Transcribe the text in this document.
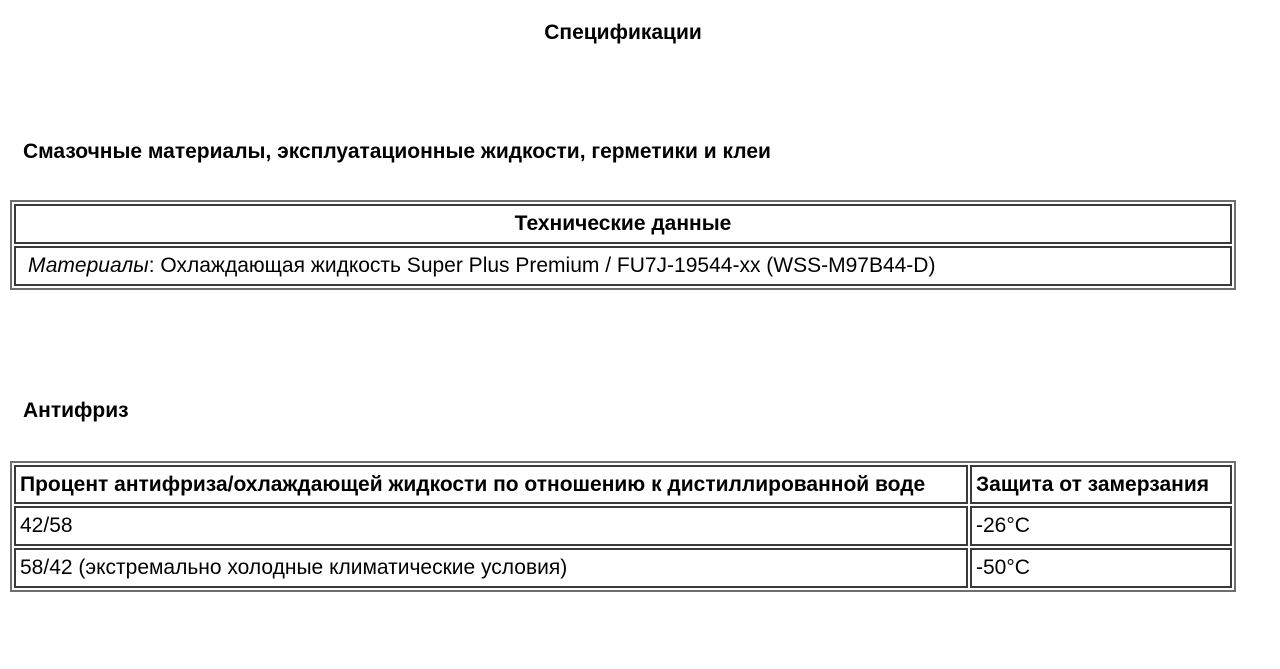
Спецификации
Смазочные материалы, эксплуатационные жидкости, герметики и клеи
Технические данные
Материалы: Охлаждающая жидкость Super Plus Premium / FU7J-19544-xx (WSS-M97B44-D)
Антифриз
Процент антифриза/охлаждающей жидкости по отношению к дистиллированной воде	Защита от замерзания
42/58	-26°C
58/42 (экстремально холодные климатические условия)	-50°C
